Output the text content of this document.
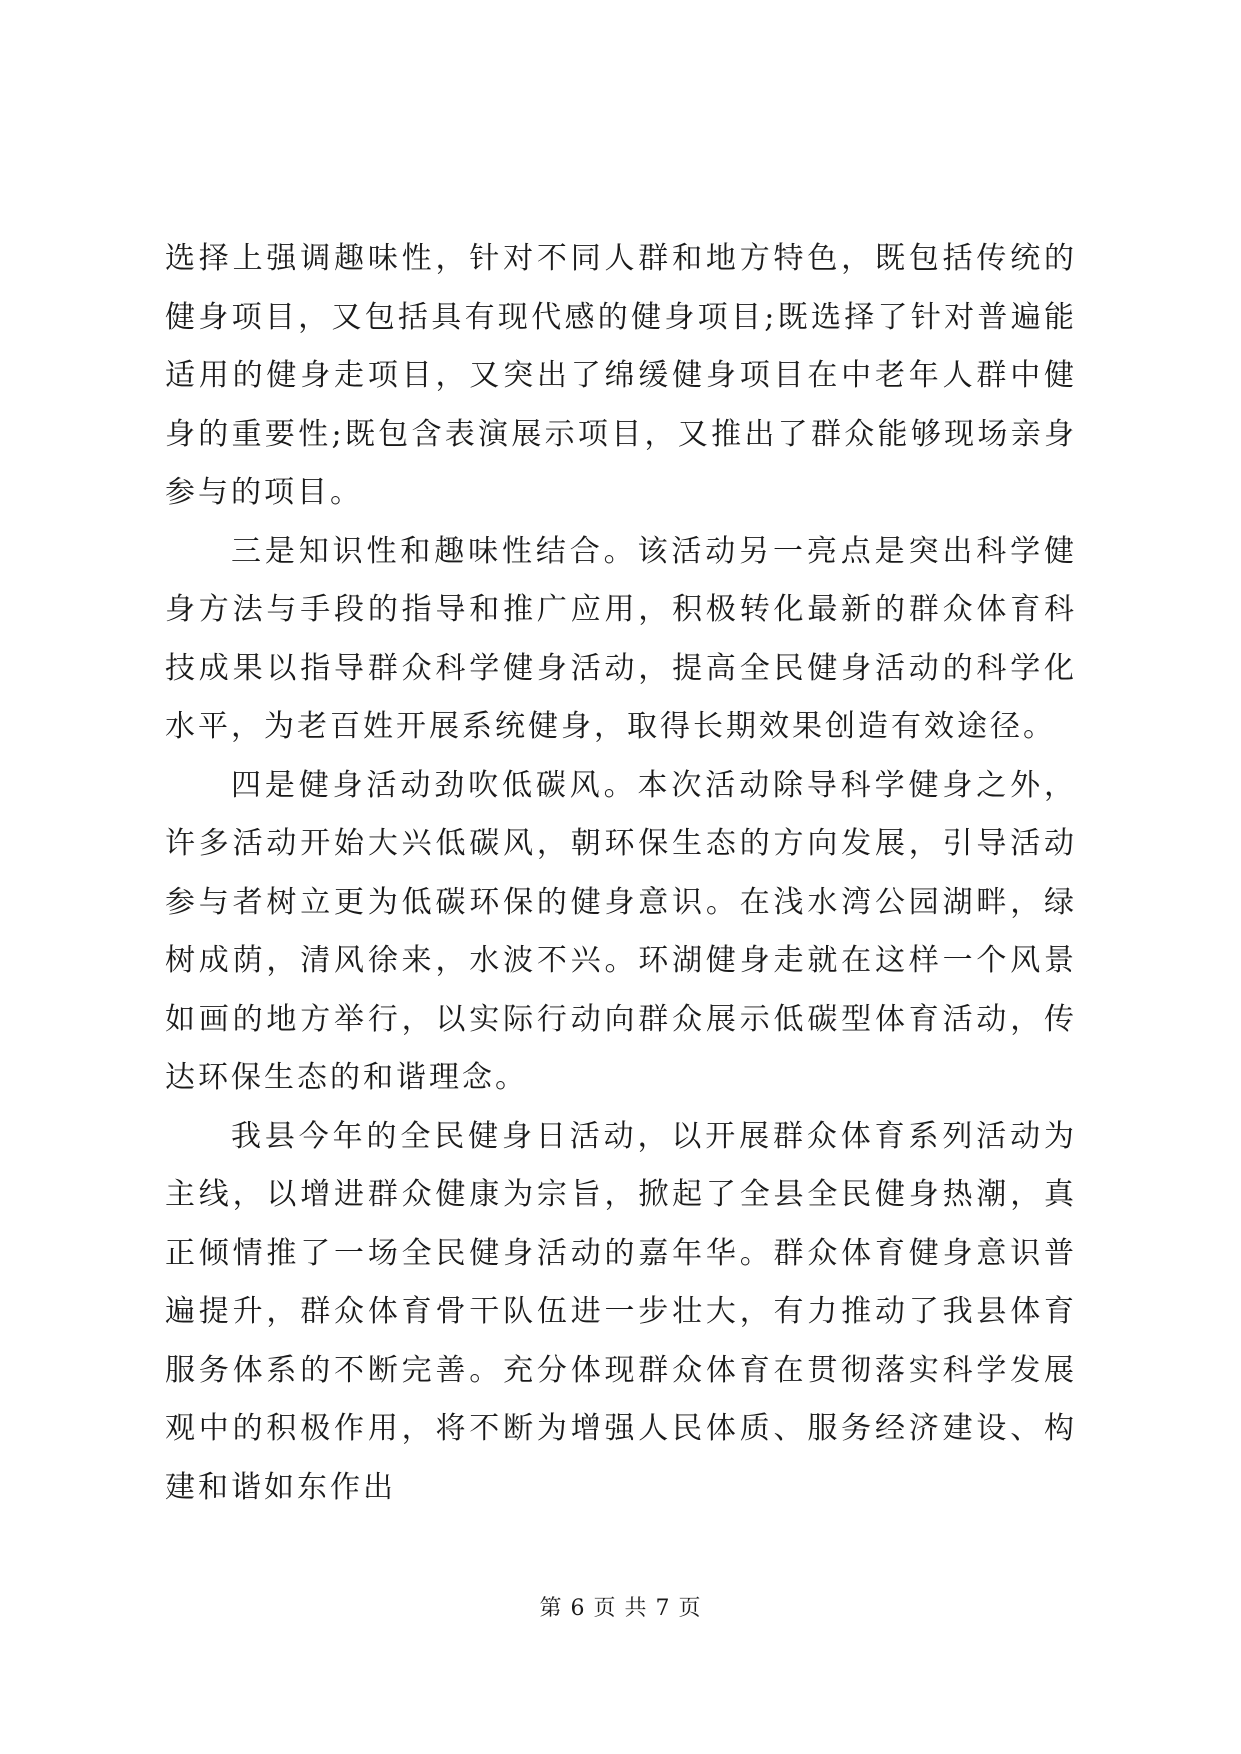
选择上强调趣味性，针对不同人群和地方特色，既包括传统的健身项目，又包括具有现代感的健身项目;既选择了针对普遍能适用的健身走项目，又突出了绵缓健身项目在中老年人群中健身的重要性;既包含表演展示项目，又推出了群众能够现场亲身参与的项目。

三是知识性和趣味性结合。该活动另一亮点是突出科学健身方法与手段的指导和推广应用，积极转化最新的群众体育科技成果以指导群众科学健身活动，提高全民健身活动的科学化水平，为老百姓开展系统健身，取得长期效果创造有效途径。

四是健身活动劲吹低碳风。本次活动除导科学健身之外，许多活动开始大兴低碳风，朝环保生态的方向发展，引导活动参与者树立更为低碳环保的健身意识。在浅水湾公园湖畔，绿树成荫，清风徐来，水波不兴。环湖健身走就在这样一个风景如画的地方举行，以实际行动向群众展示低碳型体育活动，传达环保生态的和谐理念。

我县今年的全民健身日活动，以开展群众体育系列活动为主线，以增进群众健康为宗旨，掀起了全县全民健身热潮，真正倾情推了一场全民健身活动的嘉年华。群众体育健身意识普遍提升，群众体育骨干队伍进一步壮大，有力推动了我县体育服务体系的不断完善。充分体现群众体育在贯彻落实科学发展观中的积极作用，将不断为增强人民体质、服务经济建设、构建和谐如东作出

第 6 页 共 7 页
